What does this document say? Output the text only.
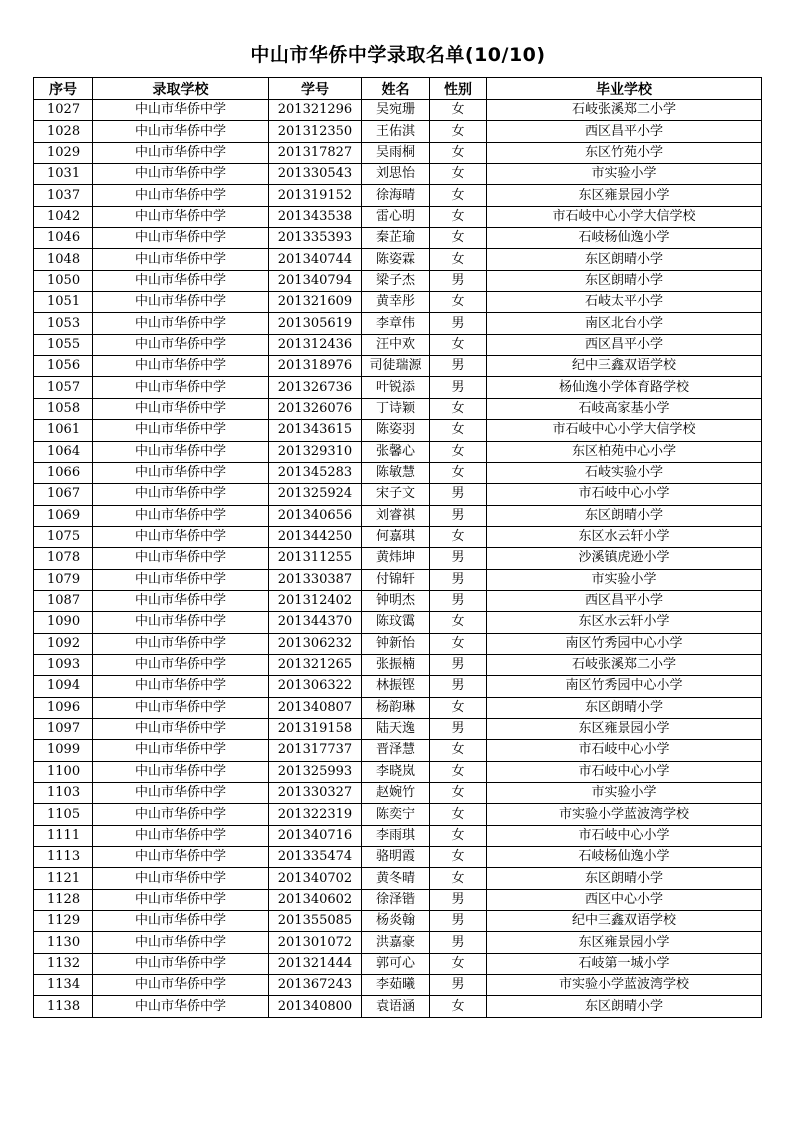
中山市华侨中学录取名单(10/10)
序号	录取学校	学号	姓名	性别	毕业学校
1027	中山市华侨中学	201321296	吴宛珊	女	石岐张溪郑二小学
1028	中山市华侨中学	201312350	王佑淇	女	西区昌平小学
1029	中山市华侨中学	201317827	吴雨桐	女	东区竹苑小学
1031	中山市华侨中学	201330543	刘思怡	女	市实验小学
1037	中山市华侨中学	201319152	徐海晴	女	东区雍景园小学
1042	中山市华侨中学	201343538	雷心明	女	市石岐中心小学大信学校
1046	中山市华侨中学	201335393	秦芷瑜	女	石岐杨仙逸小学
1048	中山市华侨中学	201340744	陈姿霖	女	东区朗晴小学
1050	中山市华侨中学	201340794	梁子杰	男	东区朗晴小学
1051	中山市华侨中学	201321609	黄幸彤	女	石岐太平小学
1053	中山市华侨中学	201305619	李章伟	男	南区北台小学
1055	中山市华侨中学	201312436	汪中欢	女	西区昌平小学
1056	中山市华侨中学	201318976	司徒瑞源	男	纪中三鑫双语学校
1057	中山市华侨中学	201326736	叶锐添	男	杨仙逸小学体育路学校
1058	中山市华侨中学	201326076	丁诗颖	女	石岐高家基小学
1061	中山市华侨中学	201343615	陈姿羽	女	市石岐中心小学大信学校
1064	中山市华侨中学	201329310	张馨心	女	东区柏苑中心小学
1066	中山市华侨中学	201345283	陈敏慧	女	石岐实验小学
1067	中山市华侨中学	201325924	宋子文	男	市石岐中心小学
1069	中山市华侨中学	201340656	刘睿祺	男	东区朗晴小学
1075	中山市华侨中学	201344250	何嘉琪	女	东区水云轩小学
1078	中山市华侨中学	201311255	黄炜坤	男	沙溪镇虎逊小学
1079	中山市华侨中学	201330387	付锦轩	男	市实验小学
1087	中山市华侨中学	201312402	钟明杰	男	西区昌平小学
1090	中山市华侨中学	201344370	陈玟霭	女	东区水云轩小学
1092	中山市华侨中学	201306232	钟新怡	女	南区竹秀园中心小学
1093	中山市华侨中学	201321265	张振楠	男	石岐张溪郑二小学
1094	中山市华侨中学	201306322	林振铿	男	南区竹秀园中心小学
1096	中山市华侨中学	201340807	杨韵琳	女	东区朗晴小学
1097	中山市华侨中学	201319158	陆天逸	男	东区雍景园小学
1099	中山市华侨中学	201317737	晋泽慧	女	市石岐中心小学
1100	中山市华侨中学	201325993	李晓岚	女	市石岐中心小学
1103	中山市华侨中学	201330327	赵婉竹	女	市实验小学
1105	中山市华侨中学	201322319	陈奕宁	女	市实验小学蓝波湾学校
1111	中山市华侨中学	201340716	李雨琪	女	市石岐中心小学
1113	中山市华侨中学	201335474	骆明霞	女	石岐杨仙逸小学
1121	中山市华侨中学	201340702	黄冬晴	女	东区朗晴小学
1128	中山市华侨中学	201340602	徐泽锴	男	西区中心小学
1129	中山市华侨中学	201355085	杨炎翰	男	纪中三鑫双语学校
1130	中山市华侨中学	201301072	洪嘉豪	男	东区雍景园小学
1132	中山市华侨中学	201321444	郭可心	女	石岐第一城小学
1134	中山市华侨中学	201367243	李茹曦	男	市实验小学蓝波湾学校
1138	中山市华侨中学	201340800	袁语涵	女	东区朗晴小学
